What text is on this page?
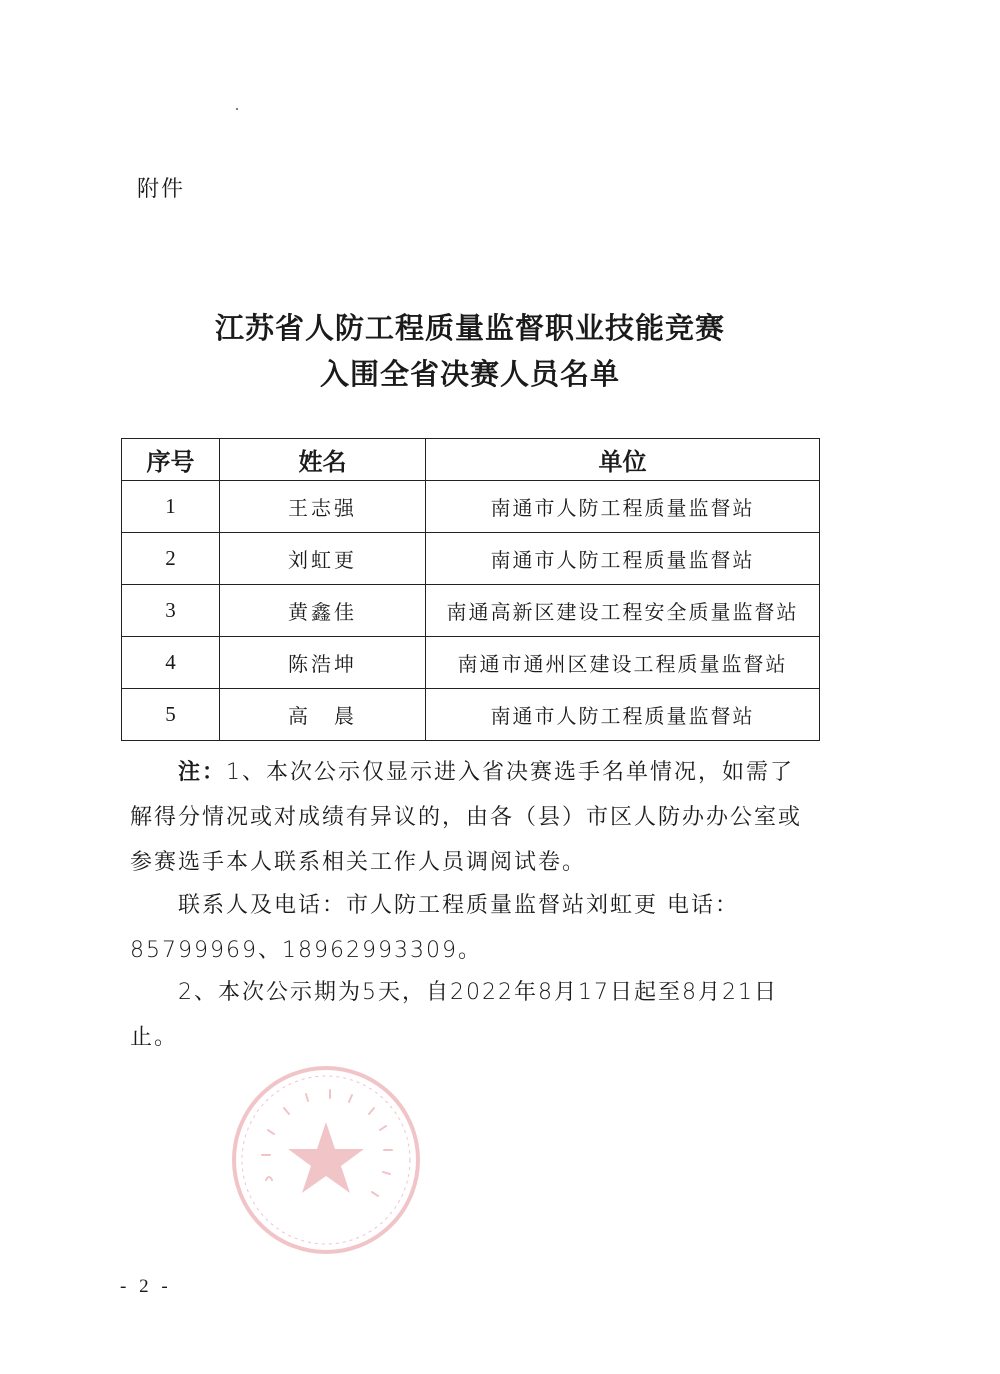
附件
江苏省人防工程质量监督职业技能竞赛
入围全省决赛人员名单
序号	姓名	单位
1	王志强	南通市人防工程质量监督站
2	刘虹更	南通市人防工程质量监督站
3	黄鑫佳	南通高新区建设工程安全质量监督站
4	陈浩坤	南通市通州区建设工程质量监督站
5	高　晨	南通市人防工程质量监督站
注：1、本次公示仅显示进入省决赛选手名单情况，如需了解得分情况或对成绩有异议的，由各（县）市区人防办办公室或参赛选手本人联系相关工作人员调阅试卷。
联系人及电话：市人防工程质量监督站刘虹更 电话：85799969、18962993309。
2、本次公示期为5天，自2022年8月17日起至8月21日止。
- 2 -
